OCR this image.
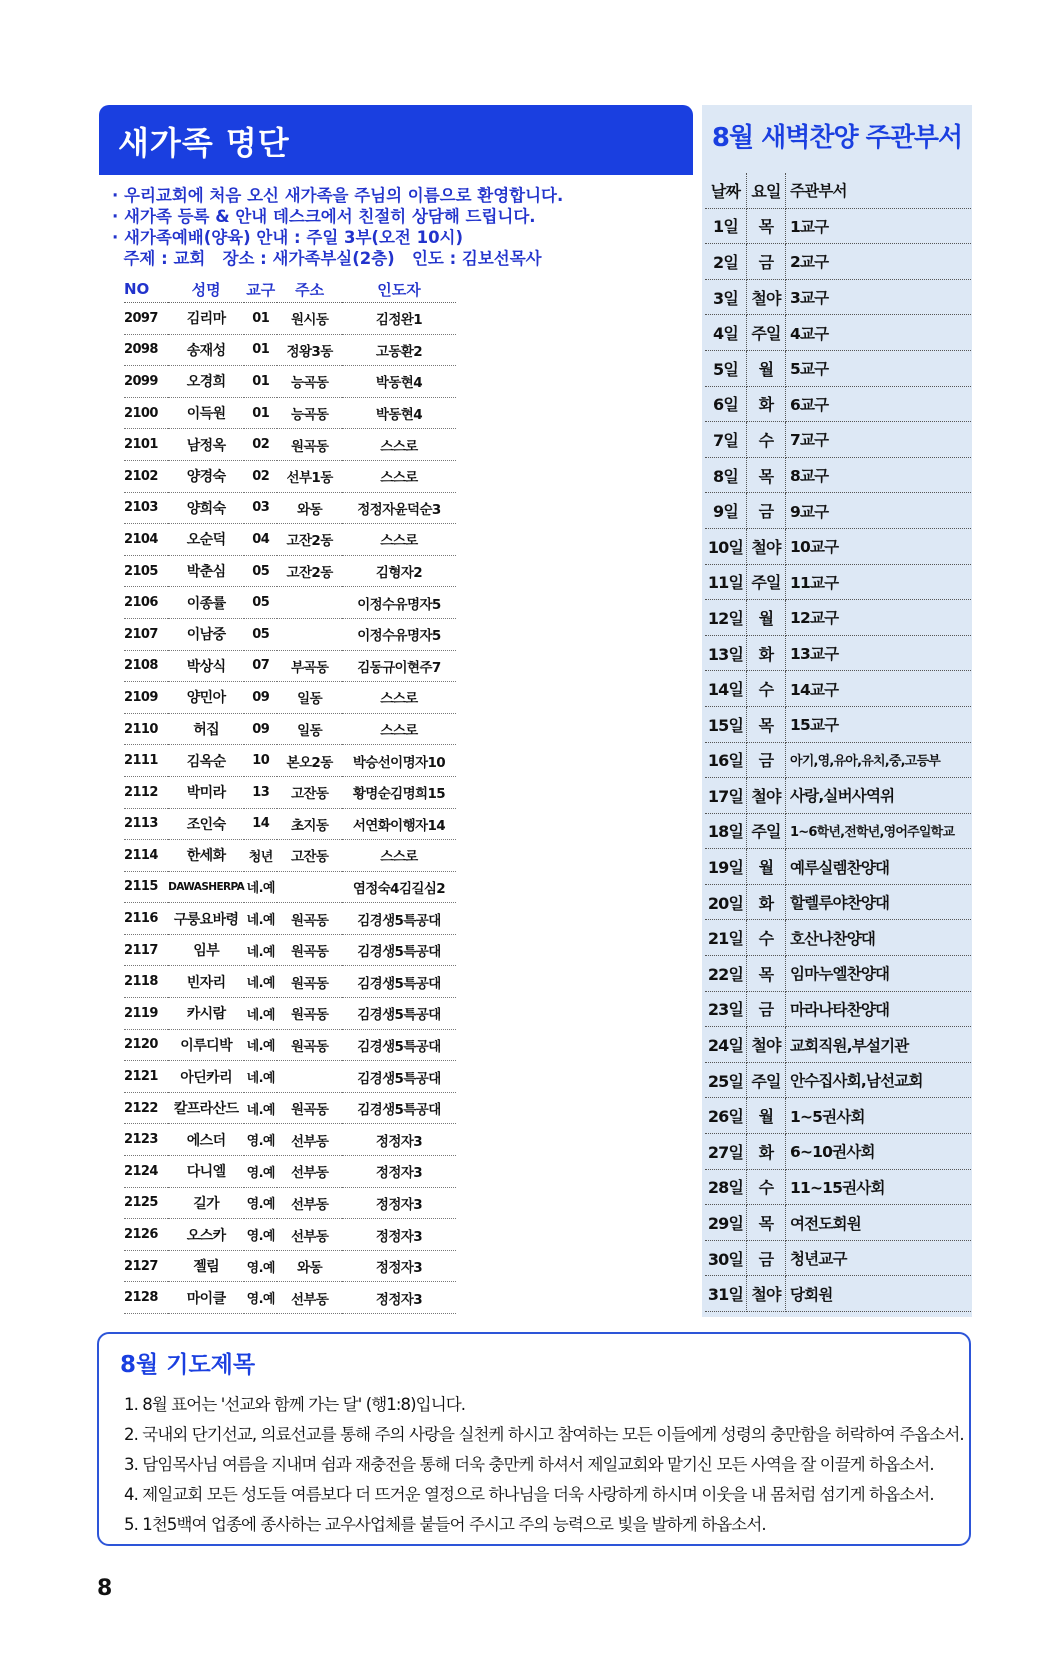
새가족 명단
· 우리교회에 처음 오신 새가족을 주님의 이름으로 환영합니다.
· 새가족 등록 & 안내 데스크에서 친절히 상담해 드립니다.
· 새가족예배(양육) 안내 : 주일 3부(오전 10시)
주제 : 교회   장소 : 새가족부실(2층)   인도 : 김보선목사
NO	성명	교구	주소	인도자
2097	김리마	01	원시동	김정완1
2098	송재성	01	정왕3동	고동환2
2099	오경희	01	능곡동	박동현4
2100	이득원	01	능곡동	박동현4
2101	남정옥	02	원곡동	스스로
2102	양경숙	02	선부1동	스스로
2103	양희숙	03	와동	정정자윤덕순3
2104	오순덕	04	고잔2동	스스로
2105	박춘심	05	고잔2동	김형자2
2106	이종률	05		이정수유명자5
2107	이남중	05		이정수유명자5
2108	박상식	07	부곡동	김동규이현주7
2109	양민아	09	일동	스스로
2110	허집	09	일동	스스로
2111	김옥순	10	본오2동	박승선이명자10
2112	박미라	13	고잔동	황명순김명희15
2113	조인숙	14	초지동	서연화이행자14
2114	한세화	청년	고잔동	스스로
2115	DAWASHERPA	네.예		염정숙4김길심2
2116	구룽요바령	네.예	원곡동	김경생5특공대
2117	임부	네.예	원곡동	김경생5특공대
2118	빈자리	네.예	원곡동	김경생5특공대
2119	카시람	네.예	원곡동	김경생5특공대
2120	이루디박	네.예	원곡동	김경생5특공대
2121	아딘카리	네.예		김경생5특공대
2122	칼프라산드	네.예	원곡동	김경생5특공대
2123	에스더	영.예	선부동	정정자3
2124	다니엘	영.예	선부동	정정자3
2125	길가	영.예	선부동	정정자3
2126	오스카	영.예	선부동	정정자3
2127	젤림	영.예	와동	정정자3
2128	마이클	영.예	선부동	정정자3
8월 새벽찬양 주관부서
날짜	요일	주관부서
1일	목	1교구
2일	금	2교구
3일	철야	3교구
4일	주일	4교구
5일	월	5교구
6일	화	6교구
7일	수	7교구
8일	목	8교구
9일	금	9교구
10일	철야	10교구
11일	주일	11교구
12일	월	12교구
13일	화	13교구
14일	수	14교구
15일	목	15교구
16일	금	아기,영,유아,유치,중,고등부
17일	철야	사랑,실버사역위
18일	주일	1~6학년,전학년,영어주일학교
19일	월	예루실렘찬양대
20일	화	할렐루야찬양대
21일	수	호산나찬양대
22일	목	임마누엘찬양대
23일	금	마라나타찬양대
24일	철야	교회직원,부설기관
25일	주일	안수집사회,남선교회
26일	월	1~5권사회
27일	화	6~10권사회
28일	수	11~15권사회
29일	목	여전도회원
30일	금	청년교구
31일	철야	당회원
8월 기도제목
1. 8월 표어는 '선교와 함께 가는 달' (행1:8)입니다.
2. 국내외 단기선교, 의료선교를 통해 주의 사랑을 실천케 하시고 참여하는 모든 이들에게 성령의 충만함을 허락하여 주옵소서.
3. 담임목사님 여름을 지내며 쉼과 재충전을 통해 더욱 충만케 하셔서 제일교회와 맡기신 모든 사역을 잘 이끌게 하옵소서.
4. 제일교회 모든 성도들 여름보다 더 뜨거운 열정으로 하나님을 더욱 사랑하게 하시며 이웃을 내 몸처럼 섬기게 하옵소서.
5. 1천5백여 업종에 종사하는 교우사업체를 붙들어 주시고 주의 능력으로 빛을 발하게 하옵소서.
8
